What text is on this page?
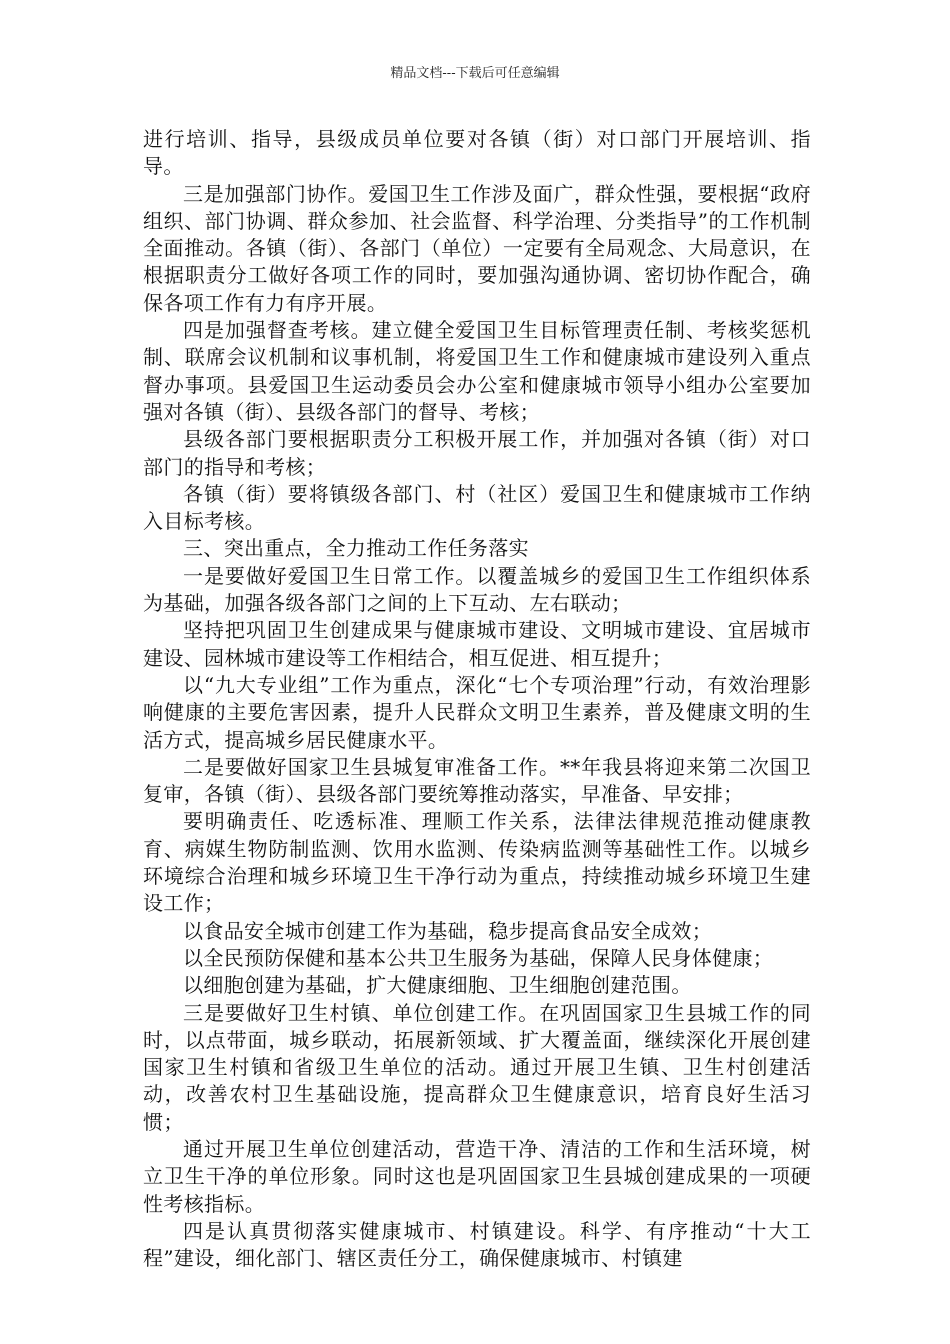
精品文档---下载后可任意编辑

进行培训、指导，县级成员单位要对各镇（街）对口部门开展培训、指导。

三是加强部门协作。爱国卫生工作涉及面广，群众性强，要根据“政府组织、部门协调、群众参加、社会监督、科学治理、分类指导”的工作机制全面推动。各镇（街）、各部门（单位）一定要有全局观念、大局意识，在根据职责分工做好各项工作的同时，要加强沟通协调、密切协作配合，确保各项工作有力有序开展。

四是加强督查考核。建立健全爱国卫生目标管理责任制、考核奖惩机制、联席会议机制和议事机制，将爱国卫生工作和健康城市建设列入重点督办事项。县爱国卫生运动委员会办公室和健康城市领导小组办公室要加强对各镇（街）、县级各部门的督导、考核；

县级各部门要根据职责分工积极开展工作，并加强对各镇（街）对口部门的指导和考核；

各镇（街）要将镇级各部门、村（社区）爱国卫生和健康城市工作纳入目标考核。

三、突出重点，全力推动工作任务落实

一是要做好爱国卫生日常工作。以覆盖城乡的爱国卫生工作组织体系为基础，加强各级各部门之间的上下互动、左右联动；

坚持把巩固卫生创建成果与健康城市建设、文明城市建设、宜居城市建设、园林城市建设等工作相结合，相互促进、相互提升；

以“九大专业组”工作为重点，深化“七个专项治理”行动，有效治理影响健康的主要危害因素，提升人民群众文明卫生素养，普及健康文明的生活方式，提高城乡居民健康水平。

二是要做好国家卫生县城复审准备工作。**年我县将迎来第二次国卫复审，各镇（街）、县级各部门要统筹推动落实，早准备、早安排；

要明确责任、吃透标准、理顺工作关系，法律法律规范推动健康教育、病媒生物防制监测、饮用水监测、传染病监测等基础性工作。以城乡环境综合治理和城乡环境卫生干净行动为重点，持续推动城乡环境卫生建设工作；

以食品安全城市创建工作为基础，稳步提高食品安全成效；

以全民预防保健和基本公共卫生服务为基础，保障人民身体健康；

以细胞创建为基础，扩大健康细胞、卫生细胞创建范围。

三是要做好卫生村镇、单位创建工作。在巩固国家卫生县城工作的同时，以点带面，城乡联动，拓展新领域、扩大覆盖面，继续深化开展创建国家卫生村镇和省级卫生单位的活动。通过开展卫生镇、卫生村创建活动，改善农村卫生基础设施，提高群众卫生健康意识，培育良好生活习惯；

通过开展卫生单位创建活动，营造干净、清洁的工作和生活环境，树立卫生干净的单位形象。同时这也是巩固国家卫生县城创建成果的一项硬性考核指标。

四是认真贯彻落实健康城市、村镇建设。科学、有序推动“十大工程”建设，细化部门、辖区责任分工，确保健康城市、村镇建
